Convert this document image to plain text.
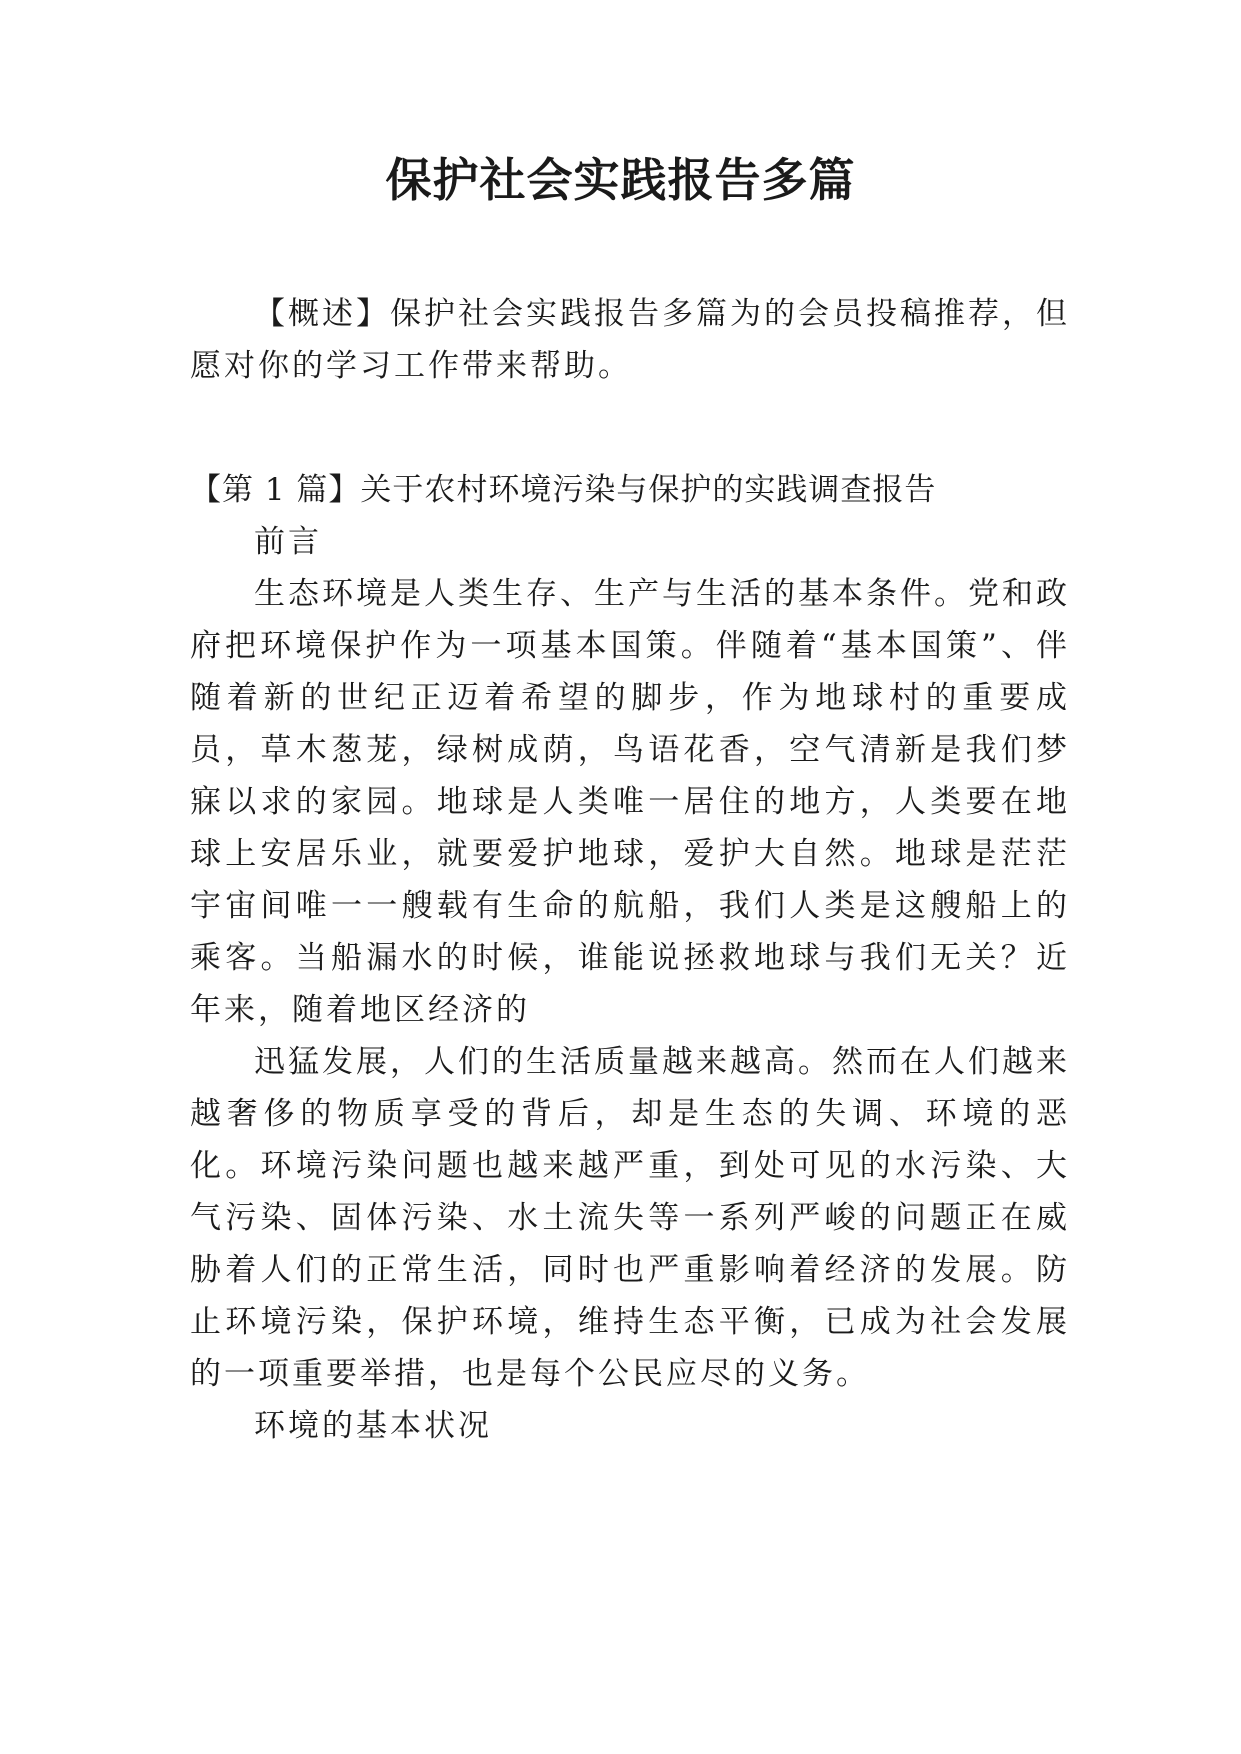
保护社会实践报告多篇

【概述】保护社会实践报告多篇为的会员投稿推荐，但愿对你的学习工作带来帮助。

【第 1 篇】关于农村环境污染与保护的实践调查报告

前言

生态环境是人类生存、生产与生活的基本条件。党和政府把环境保护作为一项基本国策。伴随着“基本国策”、伴随着新的世纪正迈着希望的脚步，作为地球村的重要成员，草木葱茏，绿树成荫，鸟语花香，空气清新是我们梦寐以求的家园。地球是人类唯一居住的地方，人类要在地球上安居乐业，就要爱护地球，爱护大自然。地球是茫茫宇宙间唯一一艘载有生命的航船，我们人类是这艘船上的乘客。当船漏水的时候，谁能说拯救地球与我们无关？近年来，随着地区经济的

迅猛发展，人们的生活质量越来越高。然而在人们越来越奢侈的物质享受的背后，却是生态的失调、环境的恶化。环境污染问题也越来越严重，到处可见的水污染、大气污染、固体污染、水土流失等一系列严峻的问题正在威胁着人们的正常生活，同时也严重影响着经济的发展。防止环境污染，保护环境，维持生态平衡，已成为社会发展的一项重要举措，也是每个公民应尽的义务。

环境的基本状况
